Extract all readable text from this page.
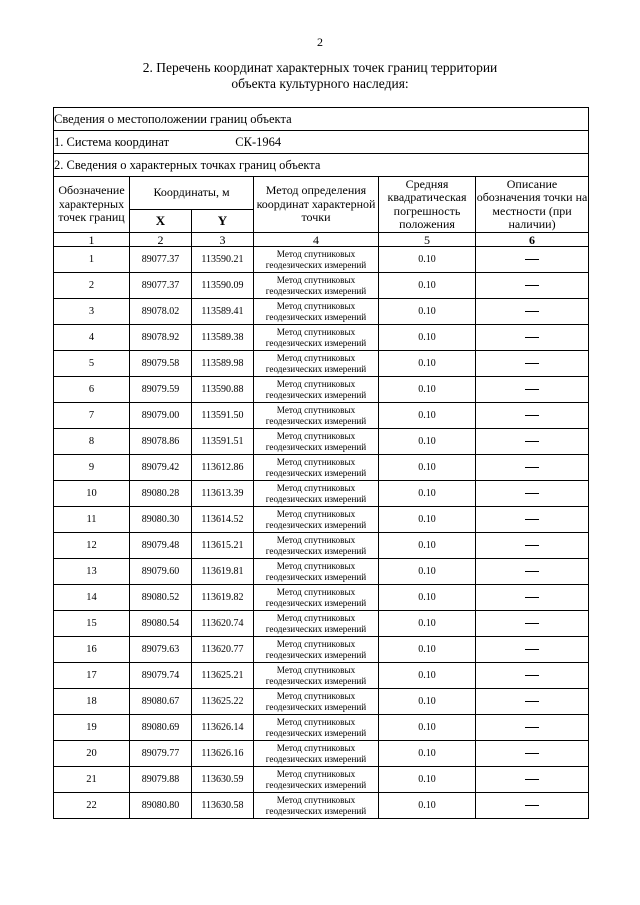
2
2. Перечень координат характерных точек границ территории
объекта культурного наследия:
Сведения о местоположении границ объекта					
1. Система координат СК-1964					
2. Сведения о характерных точках границ объекта					
Обозначение характерных точек границ	Координаты, м		Метод определения координат характерной точки	Средняя квадратическая погрешность положения	Описание обозначения точки на местности (при наличии)
	X	Y			
1	2	3	4	5	6
1	89077.37	113590.21	Метод спутниковых геодезических измерений	0.10	
2	89077.37	113590.09	Метод спутниковых геодезических измерений	0.10	
3	89078.02	113589.41	Метод спутниковых геодезических измерений	0.10	
4	89078.92	113589.38	Метод спутниковых геодезических измерений	0.10	
5	89079.58	113589.98	Метод спутниковых геодезических измерений	0.10	
6	89079.59	113590.88	Метод спутниковых геодезических измерений	0.10	
7	89079.00	113591.50	Метод спутниковых геодезических измерений	0.10	
8	89078.86	113591.51	Метод спутниковых геодезических измерений	0.10	
9	89079.42	113612.86	Метод спутниковых геодезических измерений	0.10	
10	89080.28	113613.39	Метод спутниковых геодезических измерений	0.10	
11	89080.30	113614.52	Метод спутниковых геодезических измерений	0.10	
12	89079.48	113615.21	Метод спутниковых геодезических измерений	0.10	
13	89079.60	113619.81	Метод спутниковых геодезических измерений	0.10	
14	89080.52	113619.82	Метод спутниковых геодезических измерений	0.10	
15	89080.54	113620.74	Метод спутниковых геодезических измерений	0.10	
16	89079.63	113620.77	Метод спутниковых геодезических измерений	0.10	
17	89079.74	113625.21	Метод спутниковых геодезических измерений	0.10	
18	89080.67	113625.22	Метод спутниковых геодезических измерений	0.10	
19	89080.69	113626.14	Метод спутниковых геодезических измерений	0.10	
20	89079.77	113626.16	Метод спутниковых геодезических измерений	0.10	
21	89079.88	113630.59	Метод спутниковых геодезических измерений	0.10	
22	89080.80	113630.58	Метод спутниковых геодезических измерений	0.10	
